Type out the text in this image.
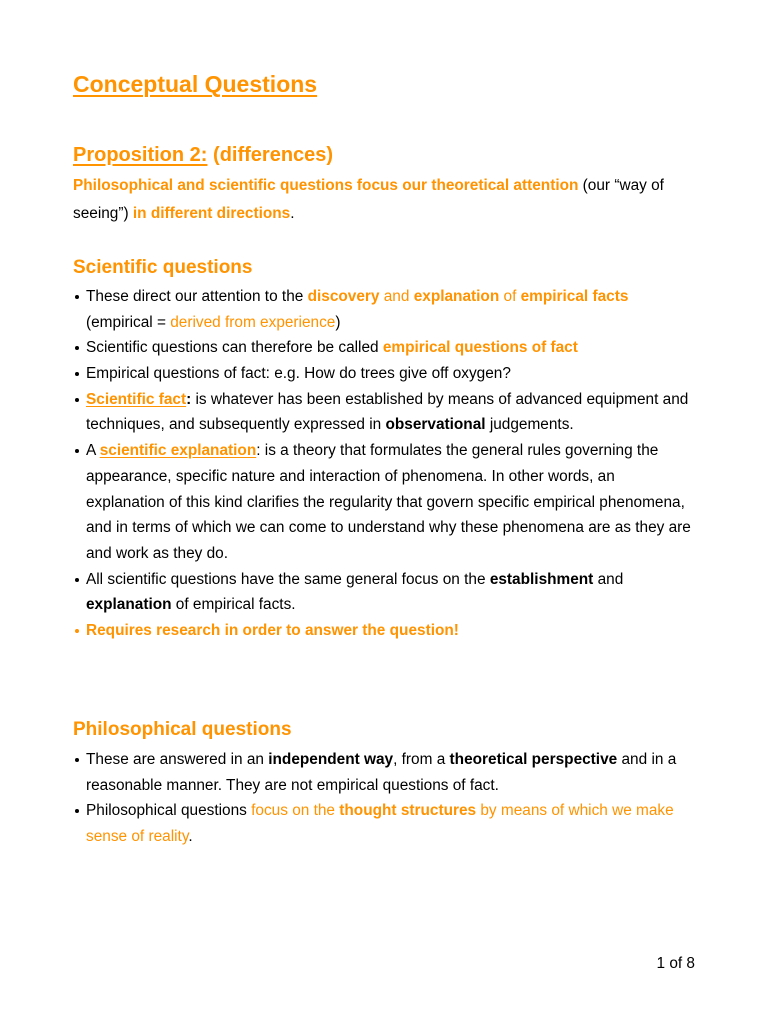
Conceptual Questions
Proposition 2: (differences)
Philosophical and scientific questions focus our theoretical attention (our “way of
seeing”) in different directions.
Scientific questions
These direct our attention to the discovery and explanation of empirical facts
(empirical = derived from experience)
Scientific questions can therefore be called empirical questions of fact
Empirical questions of fact: e.g. How do trees give off oxygen?
Scientific fact: is whatever has been established by means of advanced equipment and
techniques, and subsequently expressed in observational judgements.
A scientific explanation: is a theory that formulates the general rules governing the
appearance, specific nature and interaction of phenomena. In other words, an
explanation of this kind clarifies the regularity that govern specific empirical phenomena,
and in terms of which we can come to understand why these phenomena are as they are
and work as they do.
All scientific questions have the same general focus on the establishment and
explanation of empirical facts.
Requires research in order to answer the question!
Philosophical questions
These are answered in an independent way, from a theoretical perspective and in a
reasonable manner. They are not empirical questions of fact.
Philosophical questions focus on the thought structures by means of which we make
sense of reality.
1 of 8
